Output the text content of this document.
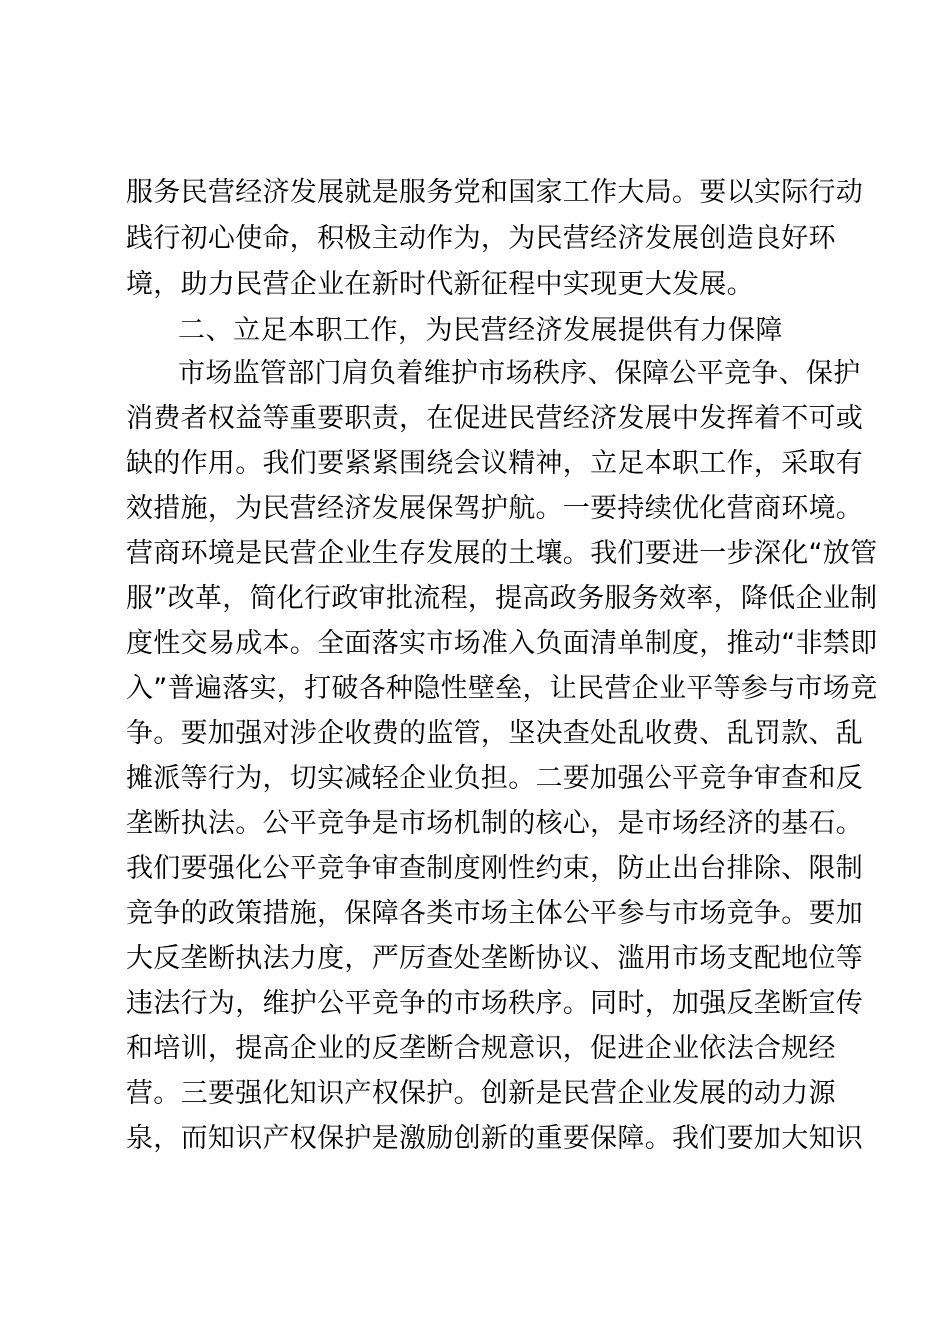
服务民营经济发展就是服务党和国家工作大局。要以实际行动
践行初心使命，积极主动作为，为民营经济发展创造良好环
境，助力民营企业在新时代新征程中实现更大发展。
二、立足本职工作，为民营经济发展提供有力保障
市场监管部门肩负着维护市场秩序、保障公平竞争、保护
消费者权益等重要职责，在促进民营经济发展中发挥着不可或
缺的作用。我们要紧紧围绕会议精神，立足本职工作，采取有
效措施，为民营经济发展保驾护航。一要持续优化营商环境。
营商环境是民营企业生存发展的土壤。我们要进一步深化“放管
服”改革，简化行政审批流程，提高政务服务效率，降低企业制
度性交易成本。全面落实市场准入负面清单制度，推动“非禁即
入”普遍落实，打破各种隐性壁垒，让民营企业平等参与市场竞
争。要加强对涉企收费的监管，坚决查处乱收费、乱罚款、乱
摊派等行为，切实减轻企业负担。二要加强公平竞争审查和反
垄断执法。公平竞争是市场机制的核心，是市场经济的基石。
我们要强化公平竞争审查制度刚性约束，防止出台排除、限制
竞争的政策措施，保障各类市场主体公平参与市场竞争。要加
大反垄断执法力度，严厉查处垄断协议、滥用市场支配地位等
违法行为，维护公平竞争的市场秩序。同时，加强反垄断宣传
和培训，提高企业的反垄断合规意识，促进企业依法合规经
营。三要强化知识产权保护。创新是民营企业发展的动力源
泉，而知识产权保护是激励创新的重要保障。我们要加大知识
